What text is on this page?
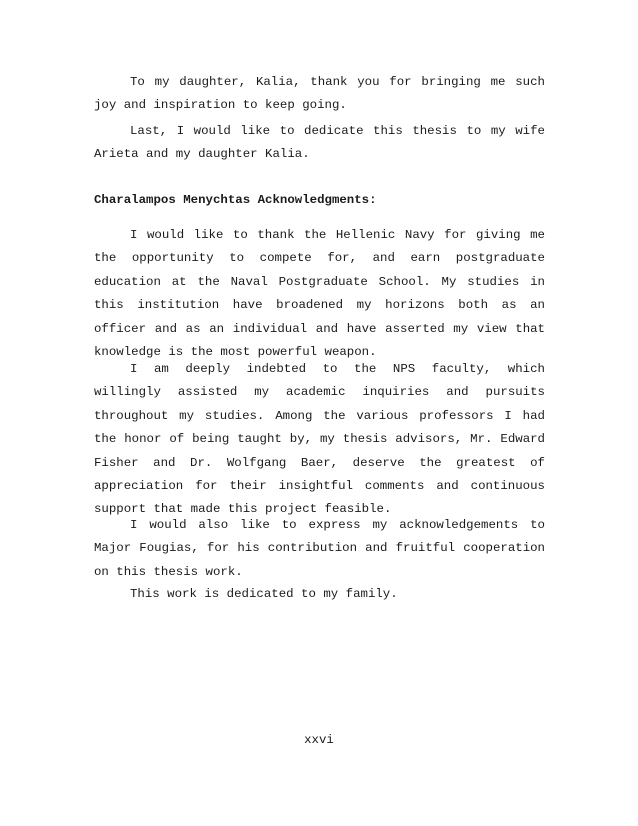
To my daughter, Kalia, thank you for bringing me such joy and inspiration to keep going.

Last, I would like to dedicate this thesis to my wife Arieta and my daughter Kalia.

Charalampos Menychtas Acknowledgments:

I would like to thank the Hellenic Navy for giving me the opportunity to compete for, and earn postgraduate education at the Naval Postgraduate School. My studies in this institution have broadened my horizons both as an officer and as an individual and have asserted my view that knowledge is the most powerful weapon.

I am deeply indebted to the NPS faculty, which willingly assisted my academic inquiries and pursuits throughout my studies. Among the various professors I had the honor of being taught by, my thesis advisors, Mr. Edward Fisher and Dr. Wolfgang Baer, deserve the greatest of appreciation for their insightful comments and continuous support that made this project feasible.

I would also like to express my acknowledgements to Major Fougias, for his contribution and fruitful cooperation on this thesis work.

This work is dedicated to my family.

xxvi
